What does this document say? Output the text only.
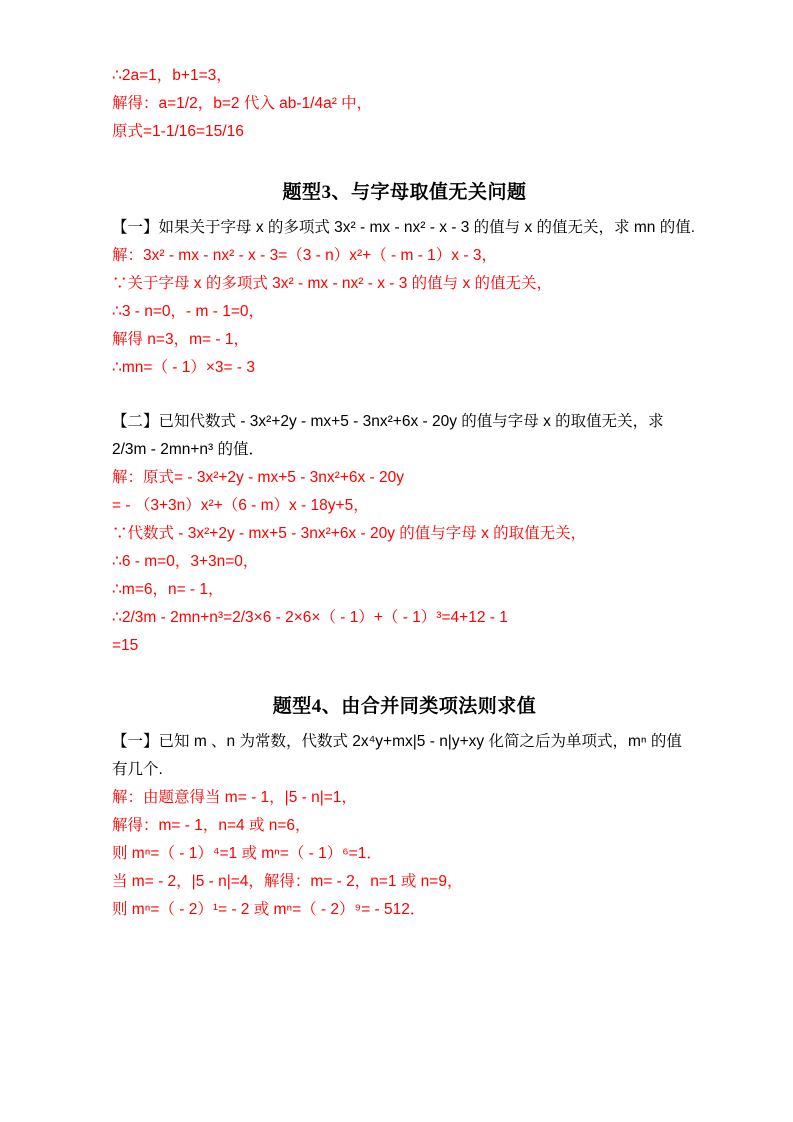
∴2a=1，b+1=3，
解得：a=1/2，b=2 代入 ab-1/4a² 中，
原式=1-1/16=15/16
题型3、与字母取值无关问题
【一】如果关于字母 x 的多项式 3x² - mx - nx² - x - 3 的值与 x 的值无关，求 mn 的值.
解：3x² - mx - nx² - x - 3=（3 - n）x²+（ - m - 1）x - 3，
∵关于字母 x 的多项式 3x² - mx - nx² - x - 3 的值与 x 的值无关，
∴3 - n=0，- m - 1=0，
解得 n=3，m= - 1，
∴mn=（ - 1）×3= - 3
【二】已知代数式 - 3x²+2y - mx+5 - 3nx²+6x - 20y 的值与字母 x 的取值无关，求 2/3m - 2mn+n³ 的值．
解：原式= - 3x²+2y - mx+5 - 3nx²+6x - 20y
= - （3+3n）x²+（6 - m）x - 18y+5，
∵代数式 - 3x²+2y - mx+5 - 3nx²+6x - 20y 的值与字母 x 的取值无关，
∴6 - m=0，3+3n=0，
∴m=6，n= - 1，
∴2/3m - 2mn+n³=2/3×6 - 2×6×（ - 1）+（ - 1）³=4+12 - 1
=15
题型4、由合并同类项法则求值
【一】已知 m 、n 为常数，代数式 2x⁴y+mx|5 - n|y+xy 化简之后为单项式，mⁿ 的值有几个.
解：由题意得当 m= - 1，|5 - n|=1，
解得：m= - 1，n=4 或 n=6，
则 mⁿ=（ - 1）⁴=1 或 mⁿ=（ - 1）⁶=1．
当 m= - 2，|5 - n|=4，解得：m= - 2，n=1 或 n=9，
则 mⁿ=（ - 2）¹= - 2 或 mⁿ=（ - 2）⁹= - 512．
